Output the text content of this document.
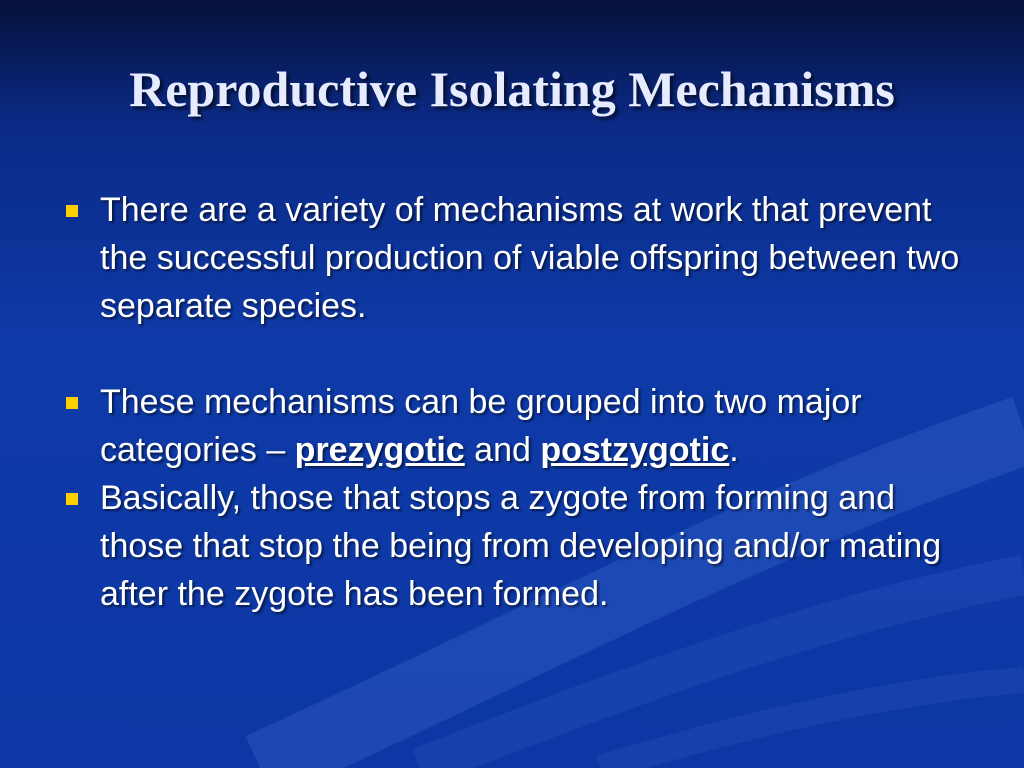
Reproductive Isolating Mechanisms
There are a variety of mechanisms at work that prevent the successful production of viable offspring between two separate species.
These mechanisms can be grouped into two major categories – prezygotic and postzygotic.
Basically, those that stops a zygote from forming and those that stop the being from developing and/or mating after the zygote has been formed.
